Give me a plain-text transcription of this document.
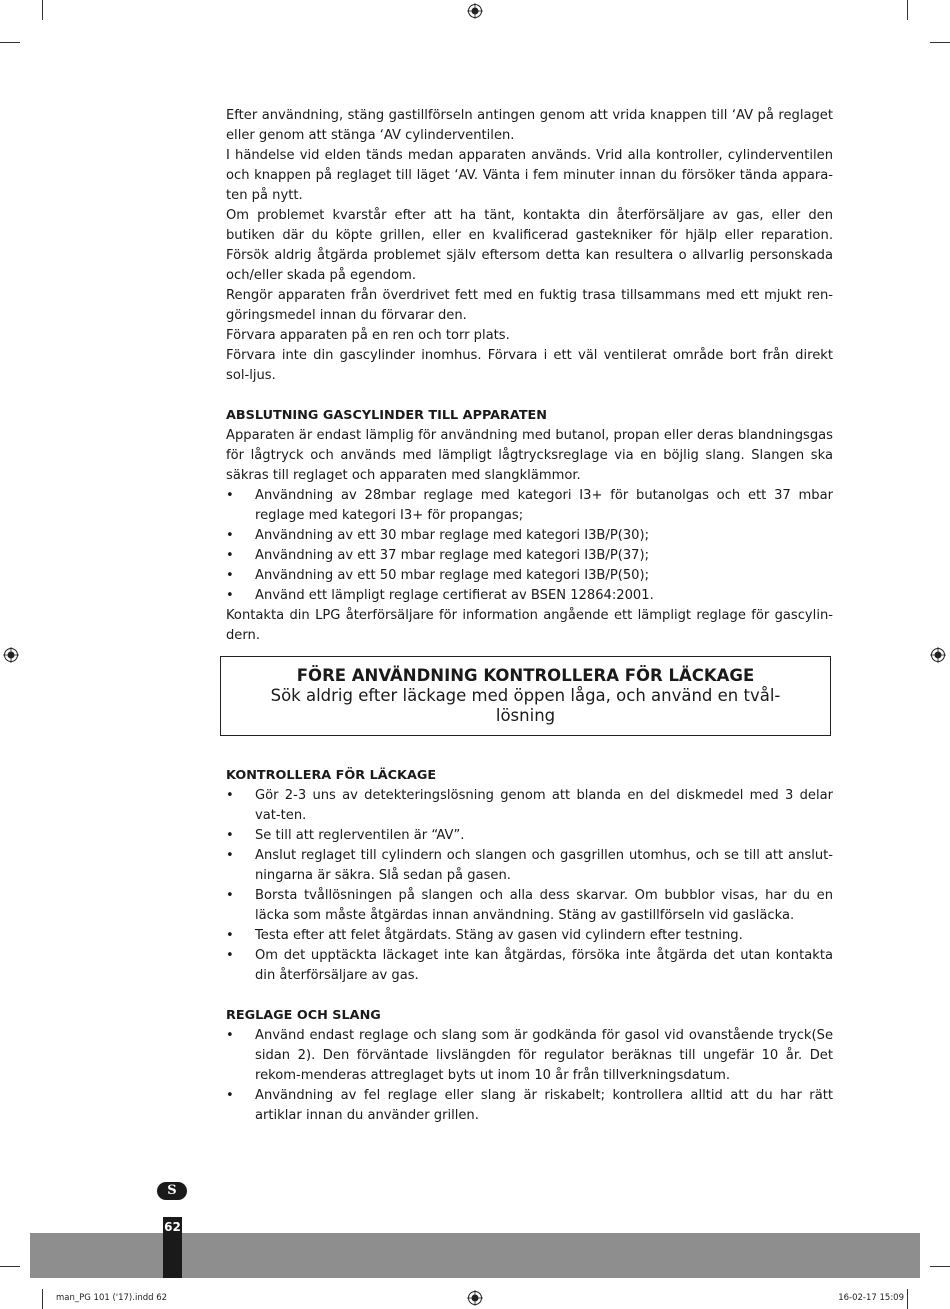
Efter användning, stäng gastillförseln antingen genom att vrida knappen till ‘AV på reglaget eller genom att stänga ‘AV cylinderventilen.

I händelse vid elden tänds medan apparaten används. Vrid alla kontroller, cylinderventilen och knappen på reglaget till läget ‘AV. Vänta i fem minuter innan du försöker tända appara-ten på nytt.

Om problemet kvarstår efter att ha tänt, kontakta din återförsäljare av gas, eller den butiken där du köpte grillen, eller en kvalificerad gastekniker för hjälp eller reparation. Försök aldrig åtgärda problemet själv eftersom detta kan resultera o allvarlig personskada och/eller skada på egendom.

Rengör apparaten från överdrivet fett med en fuktig trasa tillsammans med ett mjukt ren-göringsmedel innan du förvarar den.

Förvara apparaten på en ren och torr plats.

Förvara inte din gascylinder inomhus. Förvara i ett väl ventilerat område bort från direkt sol-ljus.

ABSLUTNING GASCYLINDER TILL APPARATEN

Apparaten är endast lämplig för användning med butanol, propan eller deras blandningsgas för lågtryck och används med lämpligt lågtrycksreglage via en böjlig slang. Slangen ska säkras till reglaget och apparaten med slangklämmor.

• Användning av 28mbar reglage med kategori I3+ för butanolgas och ett 37 mbar reglage med kategori I3+ för propangas;
• Användning av ett 30 mbar reglage med kategori I3B/P(30);
• Användning av ett 37 mbar reglage med kategori I3B/P(37);
• Användning av ett 50 mbar reglage med kategori I3B/P(50);
• Använd ett lämpligt reglage certifierat av BSEN 12864:2001.

Kontakta din LPG återförsäljare för information angående ett lämpligt reglage för gascylin-dern.

FÖRE ANVÄNDNING KONTROLLERA FÖR LÄCKAGE
Sök aldrig efter läckage med öppen låga, och använd en tvål-lösning

KONTROLLERA FÖR LÄCKAGE

• Gör 2-3 uns av detekteringslösning genom att blanda en del diskmedel med 3 delar vat-ten.
• Se till att reglerventilen är “AV”.
• Anslut reglaget till cylindern och slangen och gasgrillen utomhus, och se till att anslut-ningarna är säkra. Slå sedan på gasen.
• Borsta tvållösningen på slangen och alla dess skarvar. Om bubblor visas, har du en läcka som måste åtgärdas innan användning. Stäng av gastillförseln vid gasläcka.
• Testa efter att felet åtgärdats. Stäng av gasen vid cylindern efter testning.
• Om det upptäckta läckaget inte kan åtgärdas, försöka inte åtgärda det utan kontakta din återförsäljare av gas.

REGLAGE OCH SLANG

• Använd endast reglage och slang som är godkända för gasol vid ovanstående tryck(Se sidan 2). Den förväntade livslängden för regulator beräknas till ungefär 10 år. Det rekom-menderas attreglaget byts ut inom 10 år från tillverkningsdatum.
• Användning av fel reglage eller slang är riskabelt; kontrollera alltid att du har rätt artiklar innan du använder grillen.
S
62
man_PG 101 ('17).indd 62	16-02-17 15:09
